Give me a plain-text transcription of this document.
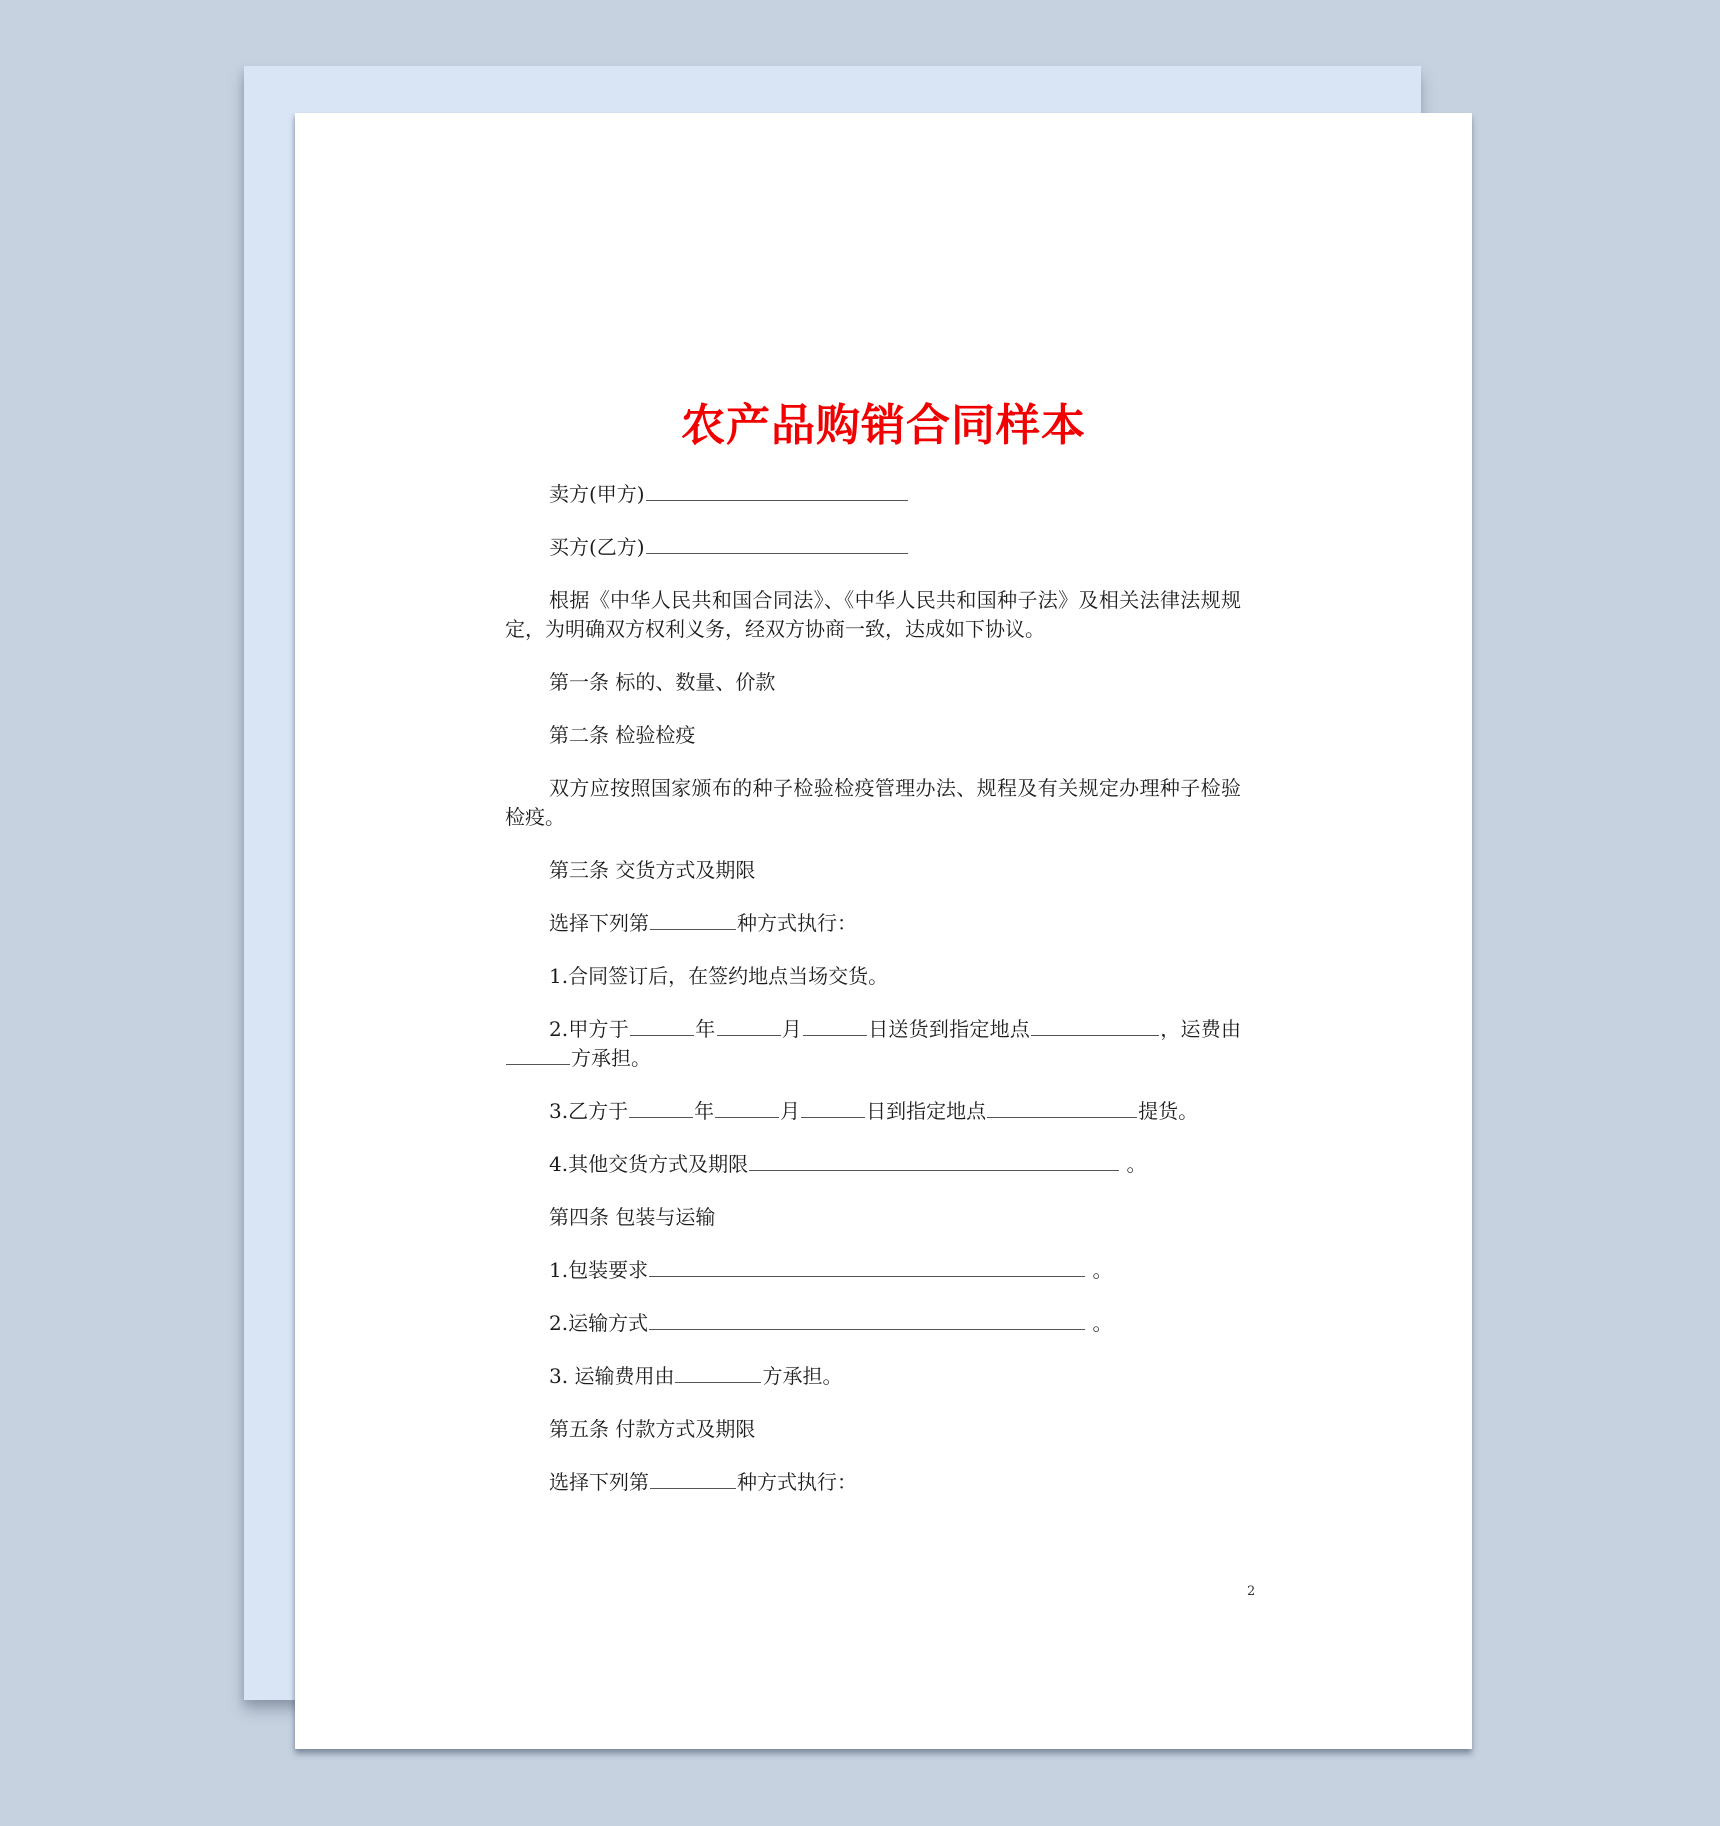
农产品购销合同样本

卖方(甲方)

买方(乙方)

根据《中华人民共和国合同法》、《中华人民共和国种子法》及相关法律法规规定，为明确双方权利义务，经双方协商一致，达成如下协议。

第一条 标的、数量、价款

第二条 检验检疫

双方应按照国家颁布的种子检验检疫管理办法、规程及有关规定办理种子检验检疫。

第三条 交货方式及期限

选择下列第	种方式执行：

1.合同签订后，在签约地点当场交货。

2.甲方于	年	月	日送货到指定地点	，运费由方承担。

3.乙方于	年	月	日到指定地点	提货。

4.其他交货方式及期限	。

第四条 包装与运输

1.包装要求	。

2.运输方式	。

3. 运输费用由	方承担。

第五条 付款方式及期限

选择下列第	种方式执行：

2
